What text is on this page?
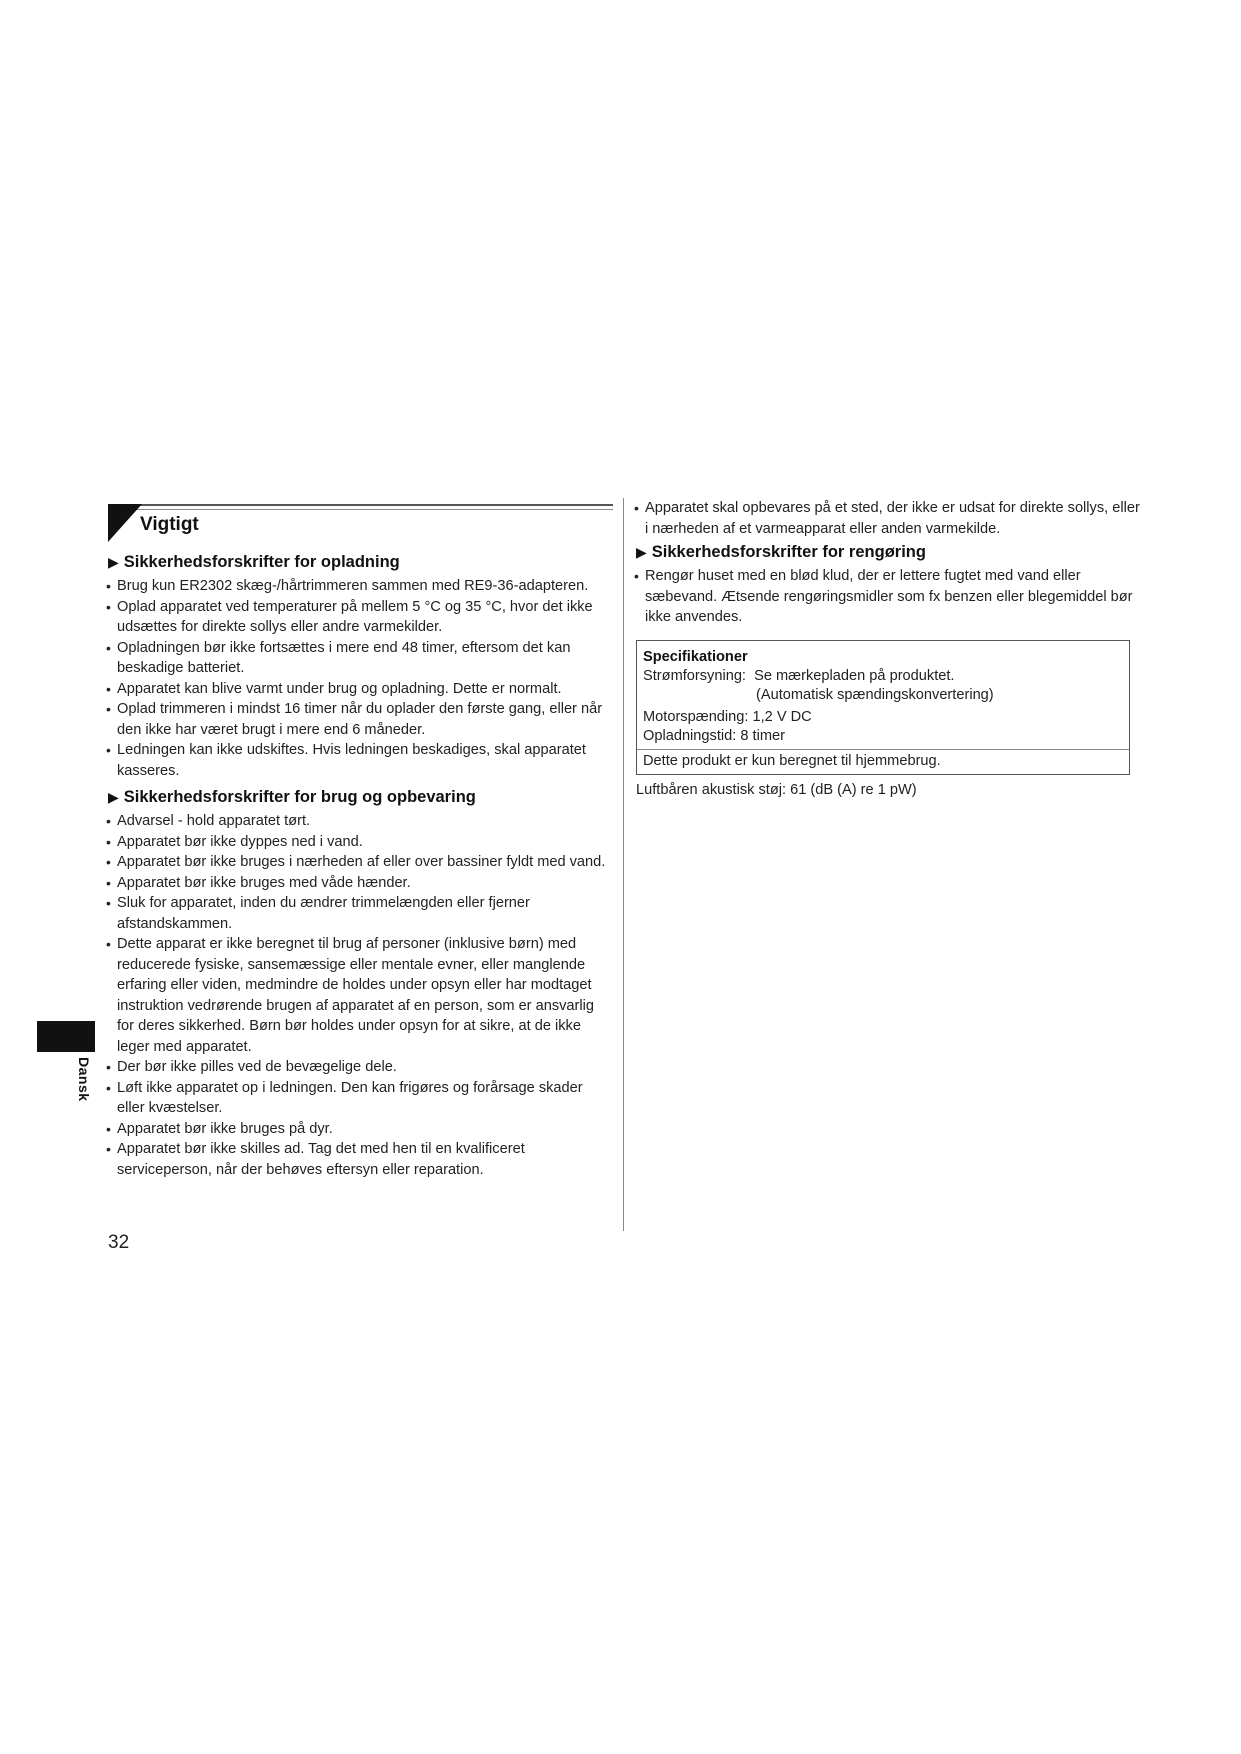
Vigtigt
▶ Sikkerhedsforskrifter for opladning
• Brug kun ER2302 skæg-/hårtrimmeren sammen med RE9-36-adapteren.
• Oplad apparatet ved temperaturer på mellem 5 °C og 35 °C, hvor det ikke udsættes for direkte sollys eller andre varmekilder.
• Opladningen bør ikke fortsættes i mere end 48 timer, eftersom det kan beskadige batteriet.
• Apparatet kan blive varmt under brug og opladning. Dette er normalt.
• Oplad trimmeren i mindst 16 timer når du oplader den første gang, eller når den ikke har været brugt i mere end 6 måneder.
• Ledningen kan ikke udskiftes. Hvis ledningen beskadiges, skal apparatet kasseres.
▶ Sikkerhedsforskrifter for brug og opbevaring
• Advarsel - hold apparatet tørt.
• Apparatet bør ikke dyppes ned i vand.
• Apparatet bør ikke bruges i nærheden af eller over bassiner fyldt med vand.
• Apparatet bør ikke bruges med våde hænder.
• Sluk for apparatet, inden du ændrer trimmelængden eller fjerner afstandskammen.
• Dette apparat er ikke beregnet til brug af personer (inklusive børn) med reducerede fysiske, sansemæssige eller mentale evner, eller manglende erfaring eller viden, medmindre de holdes under opsyn eller har modtaget instruktion vedrørende brugen af apparatet af en person, som er ansvarlig for deres sikkerhed. Børn bør holdes under opsyn for at sikre, at de ikke leger med apparatet.
• Der bør ikke pilles ved de bevægelige dele.
• Løft ikke apparatet op i ledningen. Den kan frigøres og forårsage skader eller kvæstelser.
• Apparatet bør ikke bruges på dyr.
• Apparatet bør ikke skilles ad. Tag det med hen til en kvalificeret serviceperson, når der behøves eftersyn eller reparation.
• Apparatet skal opbevares på et sted, der ikke er udsat for direkte sollys, eller i nærheden af et varmeapparat eller anden varmekilde.
▶ Sikkerhedsforskrifter for rengøring
• Rengør huset med en blød klud, der er lettere fugtet med vand eller sæbevand. Ætsende rengøringsmidler som fx benzen eller blegemiddel bør ikke anvendes.
Specifikationer
Strømforsyning:  Se mærkepladen på produktet.
(Automatisk spændingskonvertering)
Motorspænding: 1,2 V DC
Opladningstid: 8 timer
Dette produkt er kun beregnet til hjemmebrug.
Luftbåren akustisk støj: 61 (dB (A) re 1 pW)
Dansk
32
